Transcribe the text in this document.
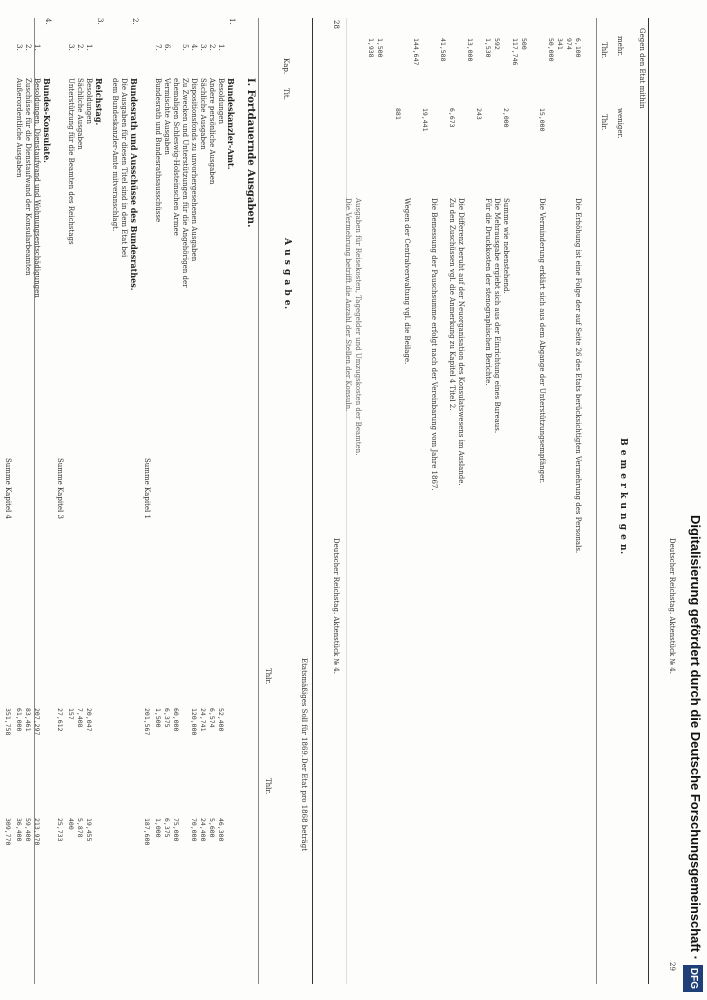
28
Deutscher Reichstag. Aktenstück № 4.
Kap.
Tit.
A u s g a b e.
Etatsmäßiges Soll für 1869.
Der Etat pro 1868 beträgt
Thlr.
Thlr.
I. Fortdauernde Ausgaben.
1.
Bundeskanzler-Amt.
1.
Besoldungen
52,400
46,300
2.
Andere persönliche Ausgaben
6,574
5,600
3.
Sächliche Ausgaben
24,741
24,400
4.
Dispositionsfonds zu unvorhergesehenen Ausgaben
120,000
70,000
5.
Zu Zwecken und Unterstützungen für die Angehörigen der
ehemaligen Schleswig-Holsteinschen Armee
60,000
75,000
6.
Vermischte Ausgaben
6,375
6,375
7.
Bundesrath und Bundesrathsausschüsse
1,500
1,000
Summe Kapitel 1
201,567
187,600
2.
Bundesrath und Ausschüsse des Bundesrathes.
Die Ausgaben für diesen Titel sind in dem Etat bei
dem Bundeskanzler-Amte mitveranschlagt.
3.
Reichstag.
1.
Besoldungen
20,047
19,455
2.
Sächliche Ausgaben
7,408
5,878
3.
Unterstützung für die Beamten des Reichstags
157
400
Summe Kapitel 3
27,612
25,733
4.
Bundes-Konsulate.
1.
Besoldungen, Dienstaufwand und Wohnungsentschädigungen
207,297
213,970
2.
Zuschüsse für die Dienstaufwand der Konsularbeamten
83,461
59,400
3.
Außerordentliche Ausgaben
61,000
36,400
Summe Kapitel 4
351,758
309,770
Deutscher Reichstag. Aktenstück № 4.
29
Gegen den Etat mithin
mehr.
weniger.
Thlr.
Thlr.
B e m e r k u n g e n.
6,100
Die Erhöhung ist eine Folge der auf Seite 26 des Etats berücksichtigten Vermehrung des Personals.
974
341
50,000
15,000
Die Verminderung erklärt sich aus dem Abgange der Unterstützungsempfänger.
500
117,746
2,000
Summe wie nebenstehend.
592
Die Mehrausgabe ergiebt sich aus der Einrichtung eines Bureaus.
1,530
Für die Druckkosten der stenographischen Berichte.
243
13,000
Die Differenz beruht auf der Neuorganisation des Konsulatswesens im Auslande.
6,673
Zu den Zuschüssen vgl. die Anmerkung zu Kapitel 4 Titel 2.
41,588
Die Bemessung der Pauschsumme erfolgt nach der Vereinbarung vom Jahre 1867.
19,441
144,647
Wegen der Centralverwaltung vgl. die Beilage.
881
1,500
1,938
Ausgaben für Reisekosten, Tagegelder und Umzugskosten der Beamten.
Die Vermehrung betrifft die Anzahl der Stellen der Konsuln.
Digitalisierung gefördert durch die Deutsche Forschungsgemeinschaft ·
DFG
